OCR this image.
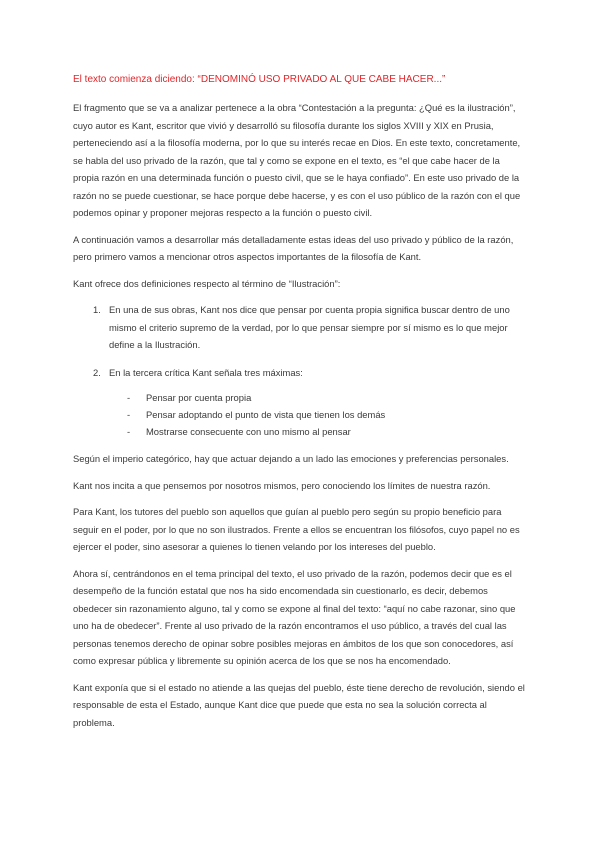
El texto comienza diciendo: “DENOMINÓ USO PRIVADO AL QUE CABE HACER...”

El fragmento que se va a analizar pertenece a la obra “Contestación a la pregunta: ¿Qué es la ilustración”, cuyo autor es Kant, escritor que vivió y desarrolló su filosofía durante los siglos XVIII y XIX en Prusia, perteneciendo así a la filosofía moderna, por lo que su interés recae en Dios. En este texto, concretamente, se habla del uso privado de la razón, que tal y como se expone en el texto, es “el que cabe hacer de la propia razón en una determinada función o puesto civil, que se le haya confiado”. En este uso privado de la razón no se puede cuestionar, se hace porque debe hacerse, y es con el uso público de la razón con el que podemos opinar y proponer mejoras respecto a la función o puesto civil.

A continuación vamos a desarrollar más detalladamente estas ideas del uso privado y público de la razón, pero primero vamos a mencionar otros aspectos importantes de la filosofía de Kant.

Kant ofrece dos definiciones respecto al término de “Ilustración”:

1. En una de sus obras, Kant nos dice que pensar por cuenta propia significa buscar dentro de uno mismo el criterio supremo de la verdad, por lo que pensar siempre por sí mismo es lo que mejor define a la Ilustración.
2. En la tercera crítica Kant señala tres máximas:
- Pensar por cuenta propia
- Pensar adoptando el punto de vista que tienen los demás
- Mostrarse consecuente con uno mismo al pensar

Según el imperio categórico, hay que actuar dejando a un lado las emociones y preferencias personales.

Kant nos incita a que pensemos por nosotros mismos, pero conociendo los límites de nuestra razón.

Para Kant, los tutores del pueblo son aquellos que guían al pueblo pero según su propio beneficio para seguir en el poder, por lo que no son ilustrados. Frente a ellos se encuentran los filósofos, cuyo papel no es ejercer el poder, sino asesorar a quienes lo tienen velando por los intereses del pueblo.

Ahora sí, centrándonos en el tema principal del texto, el uso privado de la razón, podemos decir que es el desempeño de la función estatal que nos ha sido encomendada sin cuestionarlo, es decir, debemos obedecer sin razonamiento alguno, tal y como se expone al final del texto: “aquí no cabe razonar, sino que uno ha de obedecer”. Frente al uso privado de la razón encontramos el uso público, a través del cual las personas tenemos derecho de opinar sobre posibles mejoras en ámbitos de los que son conocedores, así como expresar pública y libremente su opinión acerca de los que se nos ha encomendado.

Kant exponía que si el estado no atiende a las quejas del pueblo, éste tiene derecho de revolución, siendo el responsable de esta el Estado, aunque Kant dice que puede que esta no sea la solución correcta al problema.
